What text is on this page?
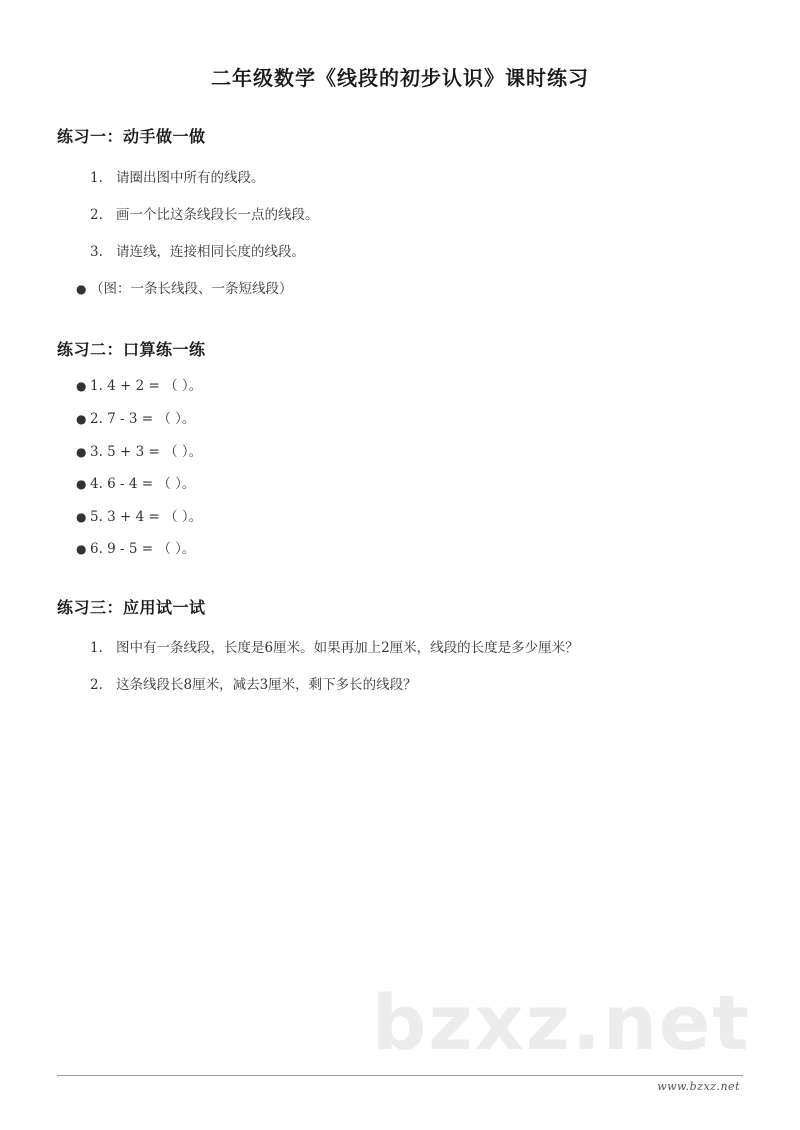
二年级数学《线段的初步认识》课时练习
练习一：动手做一做
1. 请圈出图中所有的线段。
2. 画一个比这条线段长一点的线段。
3. 请连线，连接相同长度的线段。
● （图：一条长线段、一条短线段）
练习二：口算练一练
● 1. 4 + 2 = （ ）。
● 2. 7 - 3 = （ ）。
● 3. 5 + 3 = （ ）。
● 4. 6 - 4 = （ ）。
● 5. 3 + 4 = （ ）。
● 6. 9 - 5 = （ ）。
练习三：应用试一试
1. 图中有一条线段，长度是6厘米。如果再加上2厘米，线段的长度是多少厘米？
2. 这条线段长8厘米，减去3厘米，剩下多长的线段？
bzxz.net
www.bzxz.net
